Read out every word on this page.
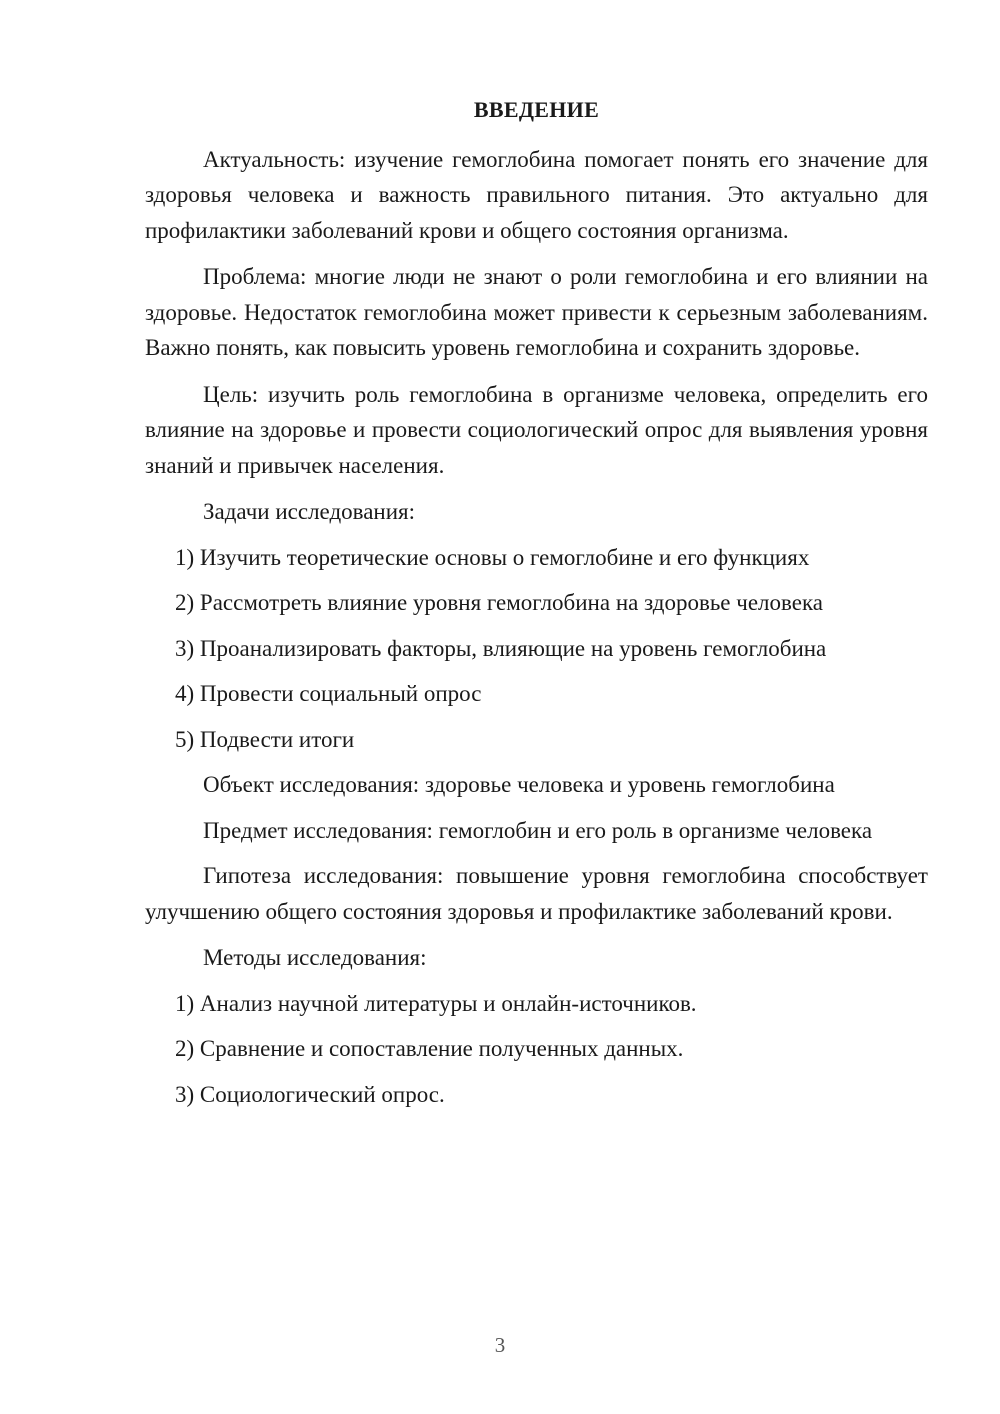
ВВЕДЕНИЕ

Актуальность: изучение гемоглобина помогает понять его значение для здоровья человека и важность правильного питания. Это актуально для профилактики заболеваний крови и общего состояния организма.

Проблема: многие люди не знают о роли гемоглобина и его влиянии на здоровье. Недостаток гемоглобина может привести к серьезным заболеваниям. Важно понять, как повысить уровень гемоглобина и сохранить здоровье.

Цель: изучить роль гемоглобина в организме человека, определить его влияние на здоровье и провести социологический опрос для выявления уровня знаний и привычек населения.

Задачи исследования:
1) Изучить теоретические основы о гемоглобине и его функциях
2) Рассмотреть влияние уровня гемоглобина на здоровье человека
3) Проанализировать факторы, влияющие на уровень гемоглобина
4) Провести социальный опрос
5) Подвести итоги
Объект исследования: здоровье человека и уровень гемоглобина
Предмет исследования: гемоглобин и его роль в организме человека

Гипотеза исследования: повышение уровня гемоглобина способствует улучшению общего состояния здоровья и профилактике заболеваний крови.

Методы исследования:
1) Анализ научной литературы и онлайн-источников.
2) Сравнение и сопоставление полученных данных.
3) Социологический опрос.
3
